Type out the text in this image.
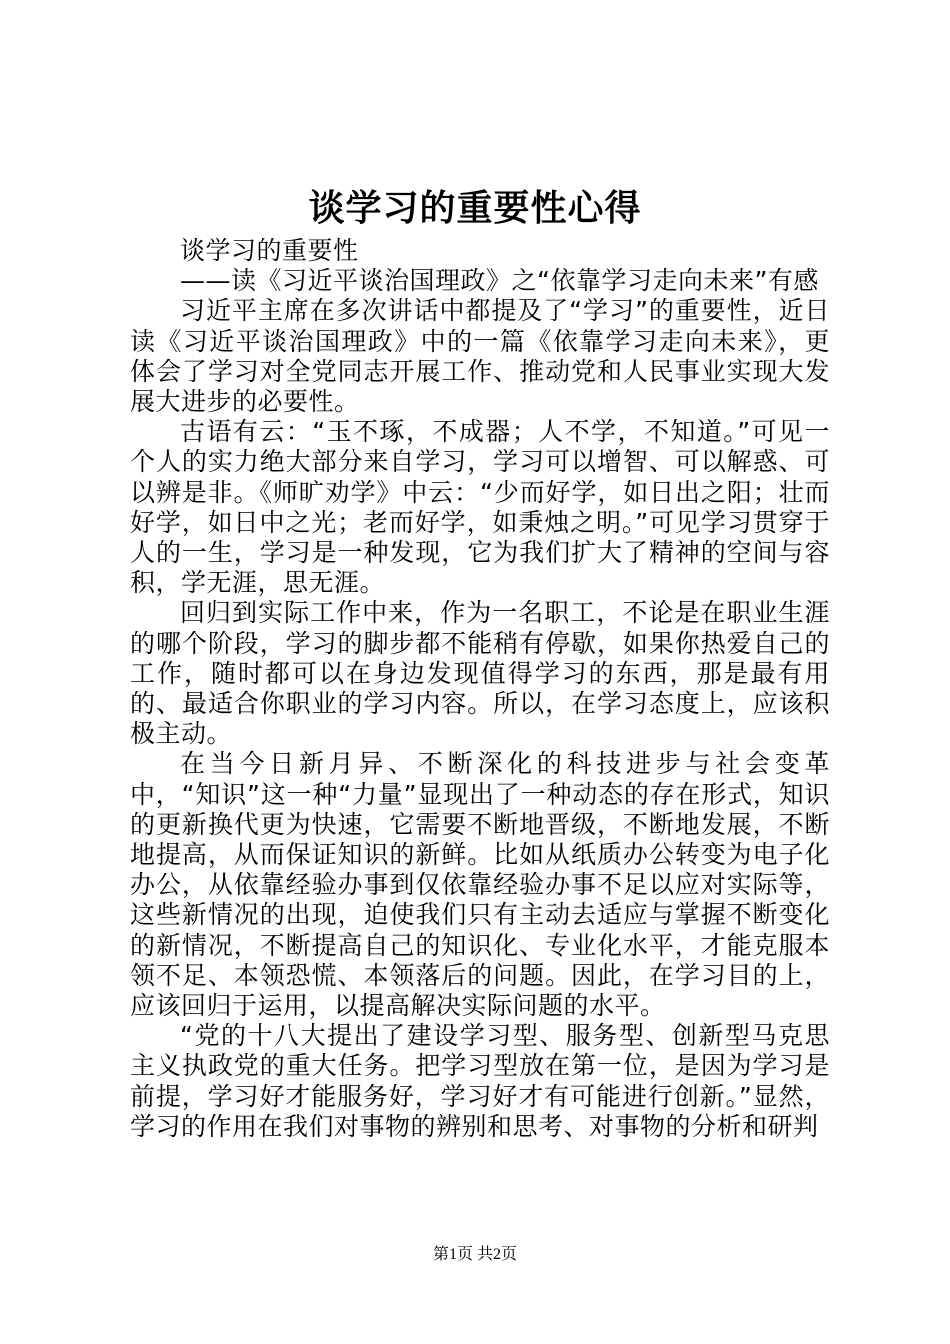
谈学习的重要性心得

谈学习的重要性

——读《习近平谈治国理政》之“依靠学习走向未来”有感

习近平主席在多次讲话中都提及了“学习”的重要性，近日读《习近平谈治国理政》中的一篇《依靠学习走向未来》，更体会了学习对全党同志开展工作、推动党和人民事业实现大发展大进步的必要性。

古语有云：“玉不琢，不成器；人不学，不知道。”可见一个人的实力绝大部分来自学习，学习可以增智、可以解惑、可以辨是非。《师旷劝学》中云：“少而好学，如日出之阳；壮而好学，如日中之光；老而好学，如秉烛之明。”可见学习贯穿于人的一生，学习是一种发现，它为我们扩大了精神的空间与容积，学无涯，思无涯。

回归到实际工作中来，作为一名职工，不论是在职业生涯的哪个阶段，学习的脚步都不能稍有停歇，如果你热爱自己的工作，随时都可以在身边发现值得学习的东西，那是最有用的、最适合你职业的学习内容。所以，在学习态度上，应该积极主动。

在当今日新月异、不断深化的科技进步与社会变革中，“知识”这一种“力量”显现出了一种动态的存在形式，知识的更新换代更为快速，它需要不断地晋级，不断地发展，不断地提高，从而保证知识的新鲜。比如从纸质办公转变为电子化办公，从依靠经验办事到仅依靠经验办事不足以应对实际等，这些新情况的出现，迫使我们只有主动去适应与掌握不断变化的新情况，不断提高自己的知识化、专业化水平，才能克服本领不足、本领恐慌、本领落后的问题。因此，在学习目的上，应该回归于运用，以提高解决实际问题的水平。

“党的十八大提出了建设学习型、服务型、创新型马克思主义执政党的重大任务。把学习型放在第一位，是因为学习是前提，学习好才能服务好，学习好才有可能进行创新。”显然，学习的作用在我们对事物的辨别和思考、对事物的分析和研判

第1页 共2页
